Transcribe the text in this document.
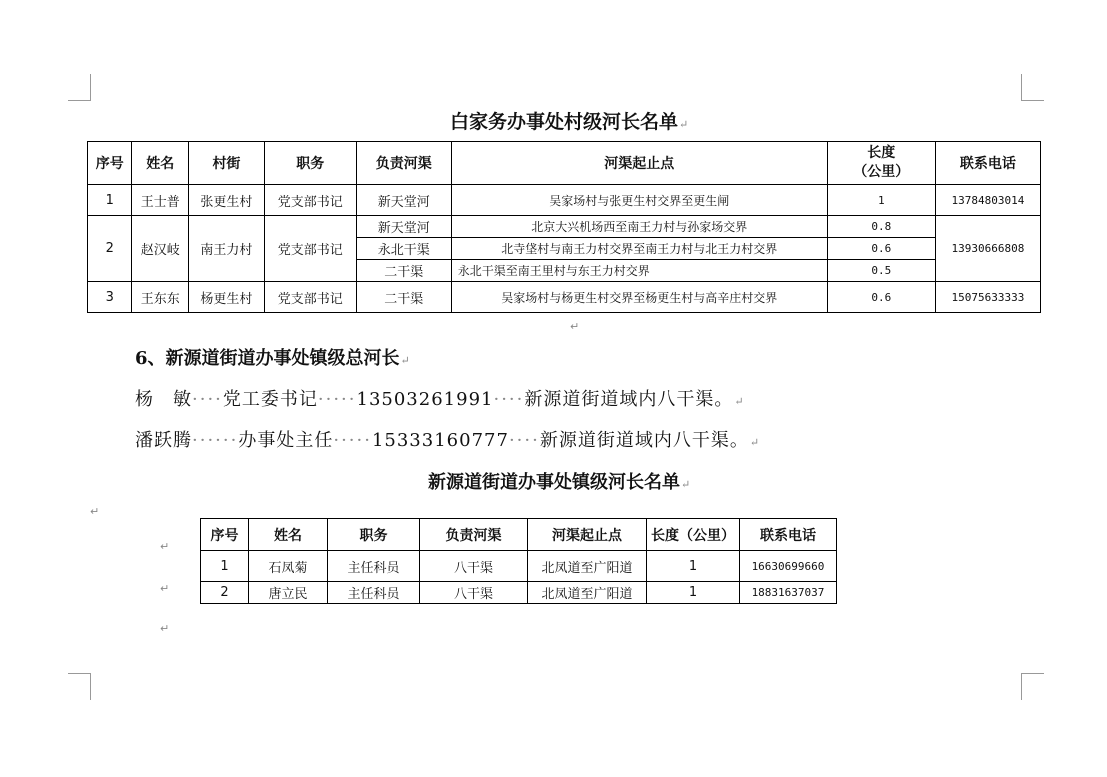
白家务办事处村级河长名单↵
序号	姓名	村街	职务	负责河渠	河渠起止点	长度
（公里）	联系电话
1	王士普	张更生村	党支部书记	新天堂河	吴家场村与张更生村交界至更生闸	1	13784803014
2	赵汉岐	南王力村	党支部书记	新天堂河	北京大兴机场西至南王力村与孙家场交界	0.8	13930666808
				永北干渠	北寺垡村与南王力村交界至南王力村与北王力村交界	0.6	
				二干渠	永北干渠至南王里村与东王力村交界	0.5	
3	王东东	杨更生村	党支部书记	二干渠	吴家场村与杨更生村交界至杨更生村与高辛庄村交界	0.6	15075633333
↵
6、新源道街道办事处镇级总河长↵
杨　敏····党工委书记·····13503261991····新源道街道域内八干渠。↵
潘跃腾······办事处主任·····15333160777····新源道街道域内八干渠。↵
新源道街道办事处镇级河长名单↵
↵
↵
↵
↵
序号	姓名	职务	负责河渠	河渠起止点	长度（公里）	联系电话
1	石凤菊	主任科员	八干渠	北凤道至广阳道	1	16630699660
2	唐立民	主任科员	八干渠	北凤道至广阳道	1	18831637037
